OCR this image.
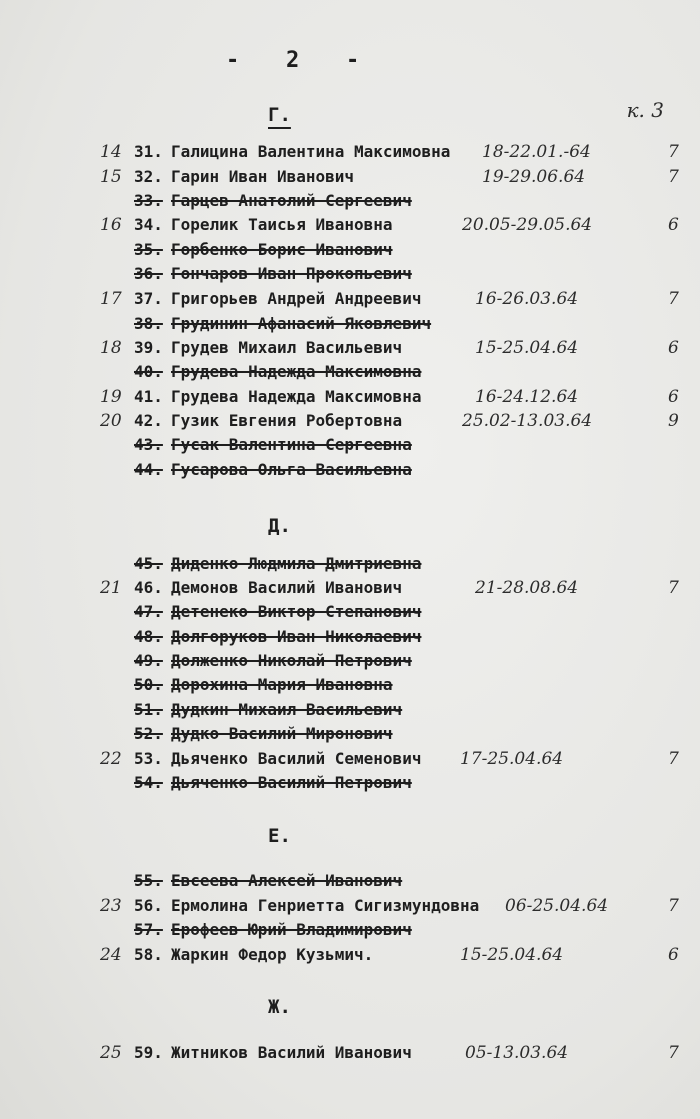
- 2 -
к. 3
Г.
Д.
Е.
Ж.
14 31. Галицина Валентина Максимовна 18-22.01.-64	7
15 32. Гарин Иван Иванович	19-29.06.64	7
33. Гарцев Анатолий Сергеевич
16 34. Горелик Таисья Ивановна	20.05-29.05.64	6
35. Горбенко Борис Иванович
36. Гончаров Иван Прокопьевич
17 37. Григорьев Андрей Андреевич	16-26.03.64	7
38. Грудинин Афанасий Яковлевич
18 39. Грудев Михаил Васильевич	15-25.04.64	6
40. Грудева Надежда Максимовна
19 41. Грудева Надежда Максимовна	16-24.12.64	6
20 42. Гузик Евгения Робертовна	25.02-13.03.64	9
43. Гусак Валентина Сергеевна
44. Гусарова Ольга Васильевна
45. Диденко Людмила Дмитриевна
21 46. Демонов Василий Иванович	21-28.08.64	7
47. Детенеко Виктор Степанович
48. Долгоруков Иван Николаевич
49. Долженко Николай Петрович
50. Дорохина Мария Ивановна
51. Дудкин Михаил Васильевич
52. Дудко Василий Миронович
22 53. Дьяченко Василий Семенович 17-25.04.64	7
54. Дьяченко Василий Петрович
55. Евсеева Алексей Иванович
23 56. Ермолина Генриетта Сигизмундовна 06-25.04.64	7
57. Ерофеев Юрий Владимирович
24 58. Жаркин Федор Кузьмич.	15-25.04.64	6
25 59. Житников Василий Иванович	05-13.03.64	7
